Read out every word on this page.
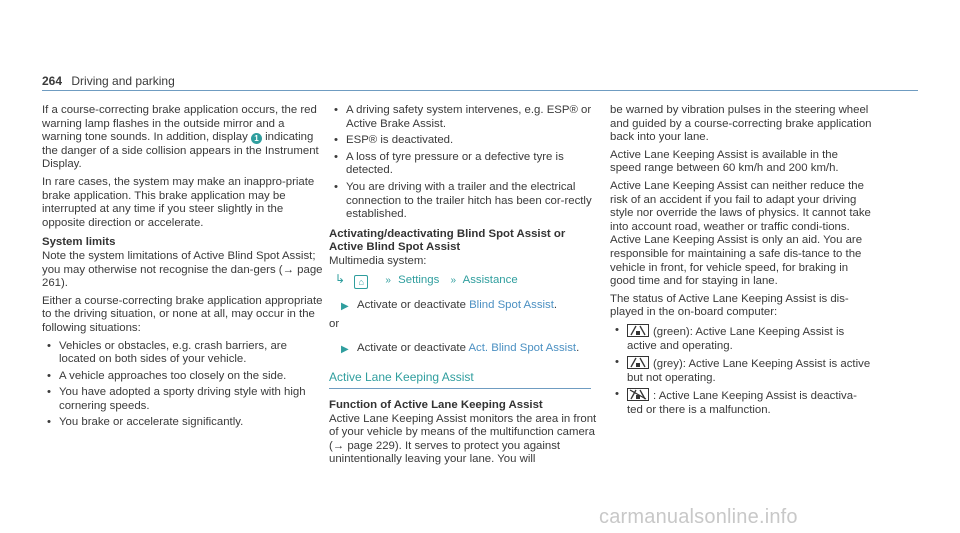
264 Driving and parking

If a course-correcting brake application occurs, the red warning lamp flashes in the outside mirror and a warning tone sounds. In addition, display 1 indicating the danger of a side collision appears in the Instrument Display.

In rare cases, the system may make an inappro-priate brake application. This brake application may be interrupted at any time if you steer slightly in the opposite direction or accelerate.

System limits

Note the system limitations of Active Blind Spot Assist; you may otherwise not recognise the dan-gers (→ page 261).

Either a course-correcting brake application appropriate to the driving situation, or none at all, may occur in the following situations:

• Vehicles or obstacles, e.g. crash barriers, are located on both sides of your vehicle.
• A vehicle approaches too closely on the side.
• You have adopted a sporty driving style with high cornering speeds.
• You brake or accelerate significantly.
• A driving safety system intervenes, e.g. ESP® or Active Brake Assist.
• ESP® is deactivated.
• A loss of tyre pressure or a defective tyre is detected.
• You are driving with a trailer and the electrical connection to the trailer hitch has been cor-rectly established.
Activating/deactivating Blind Spot Assist or Active Blind Spot Assist

Multimedia system:

↳ ⌂ » Settings » Assistance
▶ Activate or deactivate Blind Spot Assist.

or

▶ Activate or deactivate Act. Blind Spot Assist.
Active Lane Keeping Assist
Function of Active Lane Keeping Assist

Active Lane Keeping Assist monitors the area in front of your vehicle by means of the multifunction camera (→ page 229). It serves to protect you against unintentionally leaving your lane. You will

be warned by vibration pulses in the steering wheel and guided by a course-correcting brake application back into your lane.

Active Lane Keeping Assist is available in the speed range between 60 km/h and 200 km/h.

Active Lane Keeping Assist can neither reduce the risk of an accident if you fail to adapt your driving style nor override the laws of physics. It cannot take into account road, weather or traffic condi-tions. Active Lane Keeping Assist is only an aid. You are responsible for maintaining a safe dis-tance to the vehicle in front, for vehicle speed, for braking in good time and for staying in lane.

The status of Active Lane Keeping Assist is dis-played in the on-board computer:

• (green): Active Lane Keeping Assist is active and operating.
• (grey): Active Lane Keeping Assist is active but not operating.
• : Active Lane Keeping Assist is deactiva-ted or there is a malfunction.
carmanualsonline.info
